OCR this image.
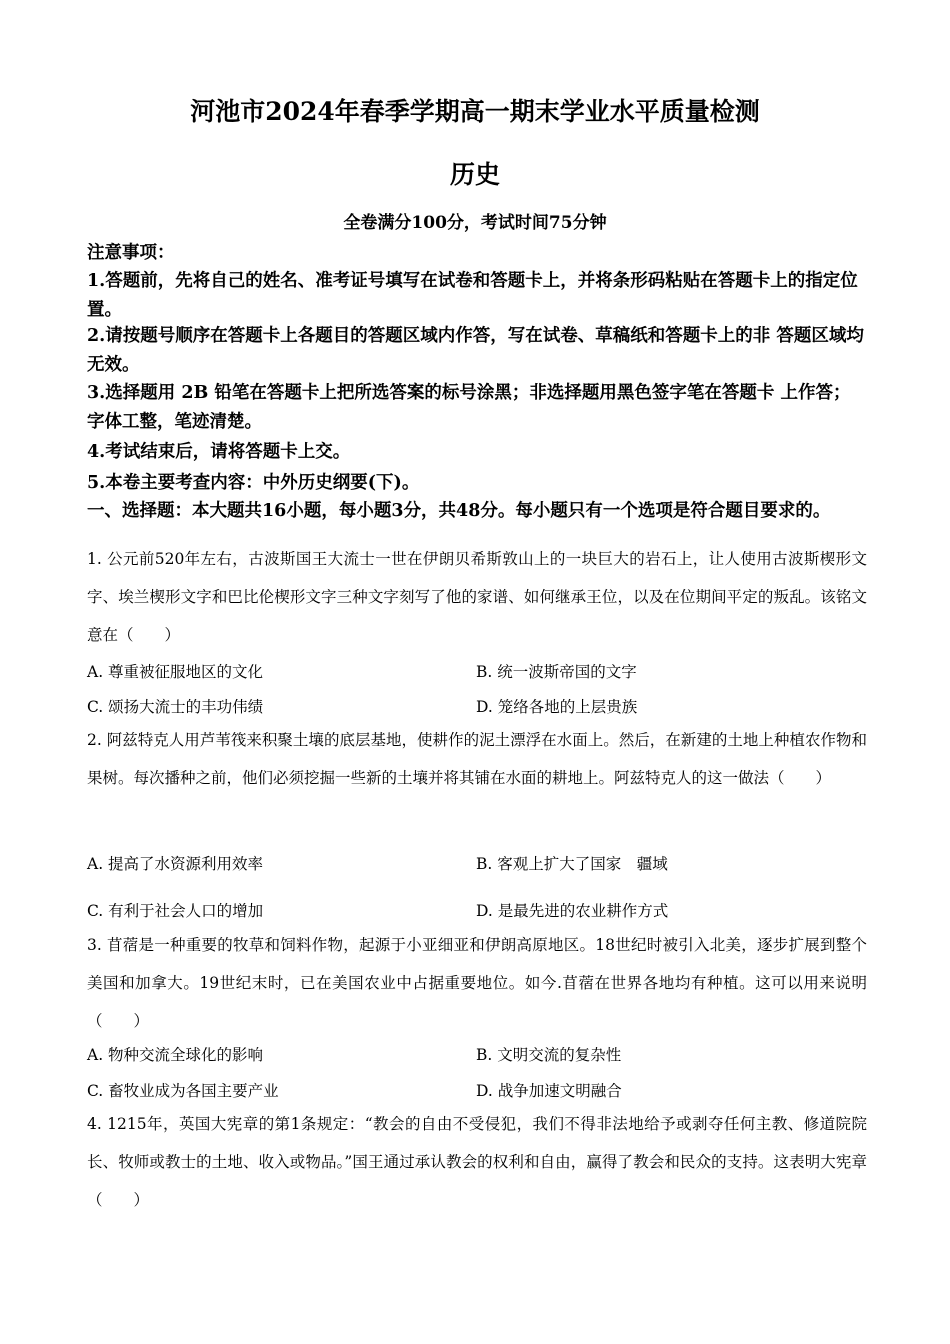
河池市2024年春季学期高一期末学业水平质量检测
历史
全卷满分100分，考试时间75分钟
注意事项：
1.答题前，先将自己的姓名、准考证号填写在试卷和答题卡上，并将条形码粘贴在答题卡上的指定位置。
2.请按题号顺序在答题卡上各题目的答题区域内作答，写在试卷、草稿纸和答题卡上的非 答题区域均无效。
3.选择题用 2B 铅笔在答题卡上把所选答案的标号涂黑；非选择题用黑色签字笔在答题卡 上作答；字体工整，笔迹清楚。
4.考试结束后，请将答题卡上交。
5.本卷主要考查内容：中外历史纲要(下)。
一、选择题：本大题共16小题，每小题3分，共48分。每小题只有一个选项是符合题目要求的。
1. 公元前520年左右，古波斯国王大流士一世在伊朗贝希斯敦山上的一块巨大的岩石上，让人使用古波斯楔形文字、埃兰楔形文字和巴比伦楔形文字三种文字刻写了他的家谱、如何继承王位，以及在位期间平定的叛乱。该铭文意在（　　）
A. 尊重被征服地区的文化	B. 统一波斯帝国的文字
C. 颂扬大流士的丰功伟绩	D. 笼络各地的上层贵族
2. 阿兹特克人用芦苇筏来积聚土壤的底层基地，使耕作的泥土漂浮在水面上。然后，在新建的土地上种植农作物和果树。每次播种之前，他们必须挖掘一些新的土壤并将其铺在水面的耕地上。阿兹特克人的这一做法（　　）
A. 提高了水资源利用效率	B. 客观上扩大了国家　疆域
C. 有利于社会人口的增加	D. 是最先进的农业耕作方式
3. 苜蓿是一种重要的牧草和饲料作物，起源于小亚细亚和伊朗高原地区。18世纪时被引入北美，逐步扩展到整个美国和加拿大。19世纪末时，已在美国农业中占据重要地位。如今.苜蓿在世界各地均有种植。这可以用来说明（　　）
A. 物种交流全球化的影响	B. 文明交流的复杂性
C. 畜牧业成为各国主要产业	D. 战争加速文明融合
4. 1215年，英国大宪章的第1条规定：“教会的自由不受侵犯，我们不得非法地给予或剥夺任何主教、修道院院长、牧师或教士的土地、收入或物品。”国王通过承认教会的权利和自由，赢得了教会和民众的支持。这表明大宪章（　　）
